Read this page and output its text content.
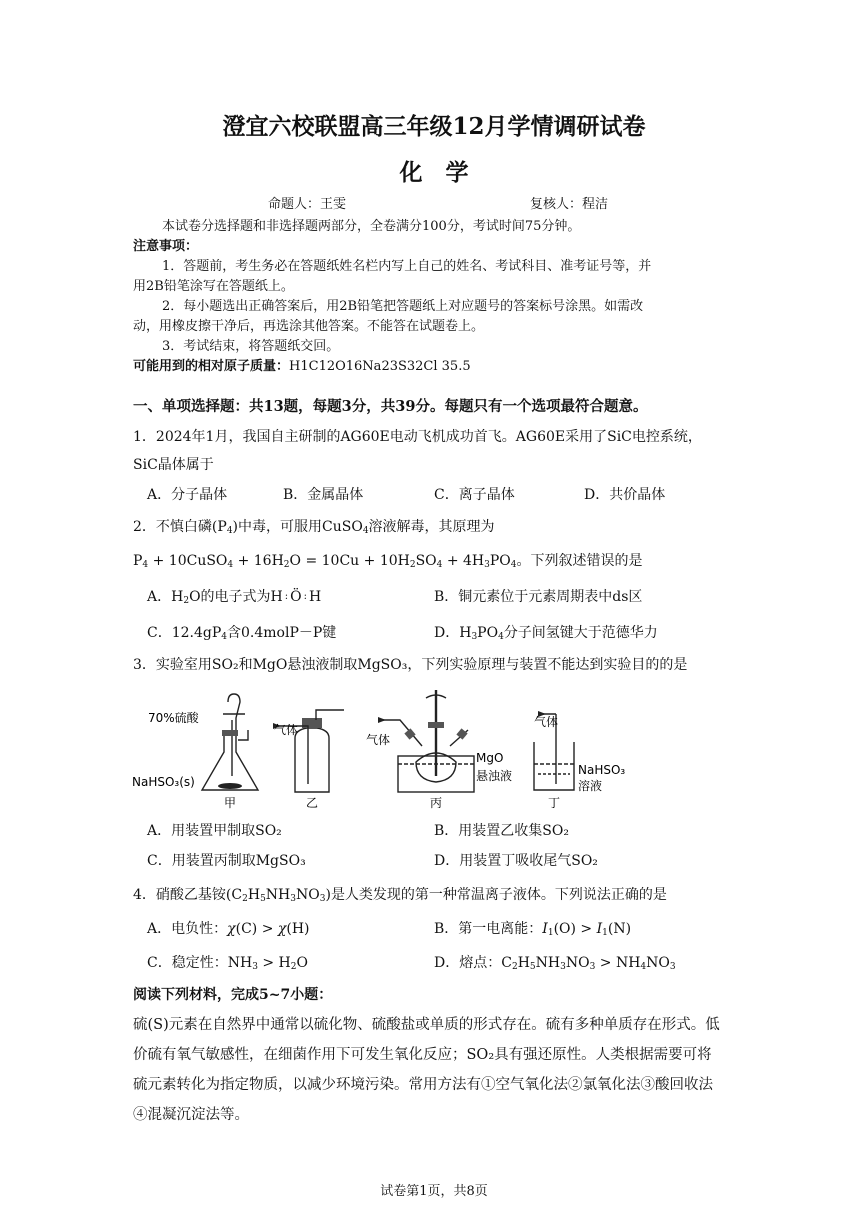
澄宜六校联盟高三年级12月学情调研试卷
化　学
命题人：王雯	复核人：程洁
本试卷分选择题和非选择题两部分，全卷满分100分，考试时间75分钟。
注意事项：
1．答题前，考生务必在答题纸姓名栏内写上自己的姓名、考试科目、准考证号等，并
用2B铅笔涂写在答题纸上。
2．每小题选出正确答案后，用2B铅笔把答题纸上对应题号的答案标号涂黑。如需改
动，用橡皮擦干净后，再选涂其他答案。不能答在试题卷上。
3．考试结束，将答题纸交回。
可能用到的相对原子质量：H1C12O16Na23S32Cl 35.5
一、单项选择题：共13题，每题3分，共39分。每题只有一个选项最符合题意。
1．2024年1月，我国自主研制的AG60E电动飞机成功首飞。AG60E采用了SiC电控系统，
SiC晶体属于
A．分子晶体	B．金属晶体	C．离子晶体	D．共价晶体
2．不慎白磷$(P_4)$中毒，可服用CuSO$_4$溶液解毒，其原理为
$P_4$ + 10CuSO$_4$ + $16H_2O = 10Cu + 10H_2SO_4 + 4H_3PO_4$。下列叙述错误的是
A．$H_2O$的电子式为H:Ö:H	B．铜元素位于元素周期表中ds区
C．$12.4gP_4$含0.4molP－P键	D．$H_3PO_4$分子间氢键大于范德华力
3．实验室用SO₂和MgO悬浊液制取MgSO₃，下列实验原理与装置不能达到实验目的的是
70%硫酸
NaHSO₃(s)
气体
气体
MgO
悬浊液
气体
NaHSO₃
溶液
甲	乙	丙	丁
A．用装置甲制取SO₂	B．用装置乙收集SO₂
C．用装置丙制取MgSO₃	D．用装置丁吸收尾气SO₂
4．硝酸乙基铵$(C_2H_5NH_3NO_3)$是人类发现的第一种常温离子液体。下列说法正确的是
A．电负性：χ(C) > χ(H)	B．第一电离能：$I_1(O) > I_1(N)$
C．稳定性：$NH_3 > H_2O$	D．熔点：$C_2H_5NH_3NO_3 > NH_4NO_3$
阅读下列材料，完成5~7小题：
硫(S)元素在自然界中通常以硫化物、硫酸盐或单质的形式存在。硫有多种单质存在形式。低
价硫有氧气敏感性，在细菌作用下可发生氧化反应；SO₂具有强还原性。人类根据需要可将
硫元素转化为指定物质，以减少环境污染。常用方法有①空气氧化法②氯氧化法③酸回收法
④混凝沉淀法等。
试卷第1页，共8页
